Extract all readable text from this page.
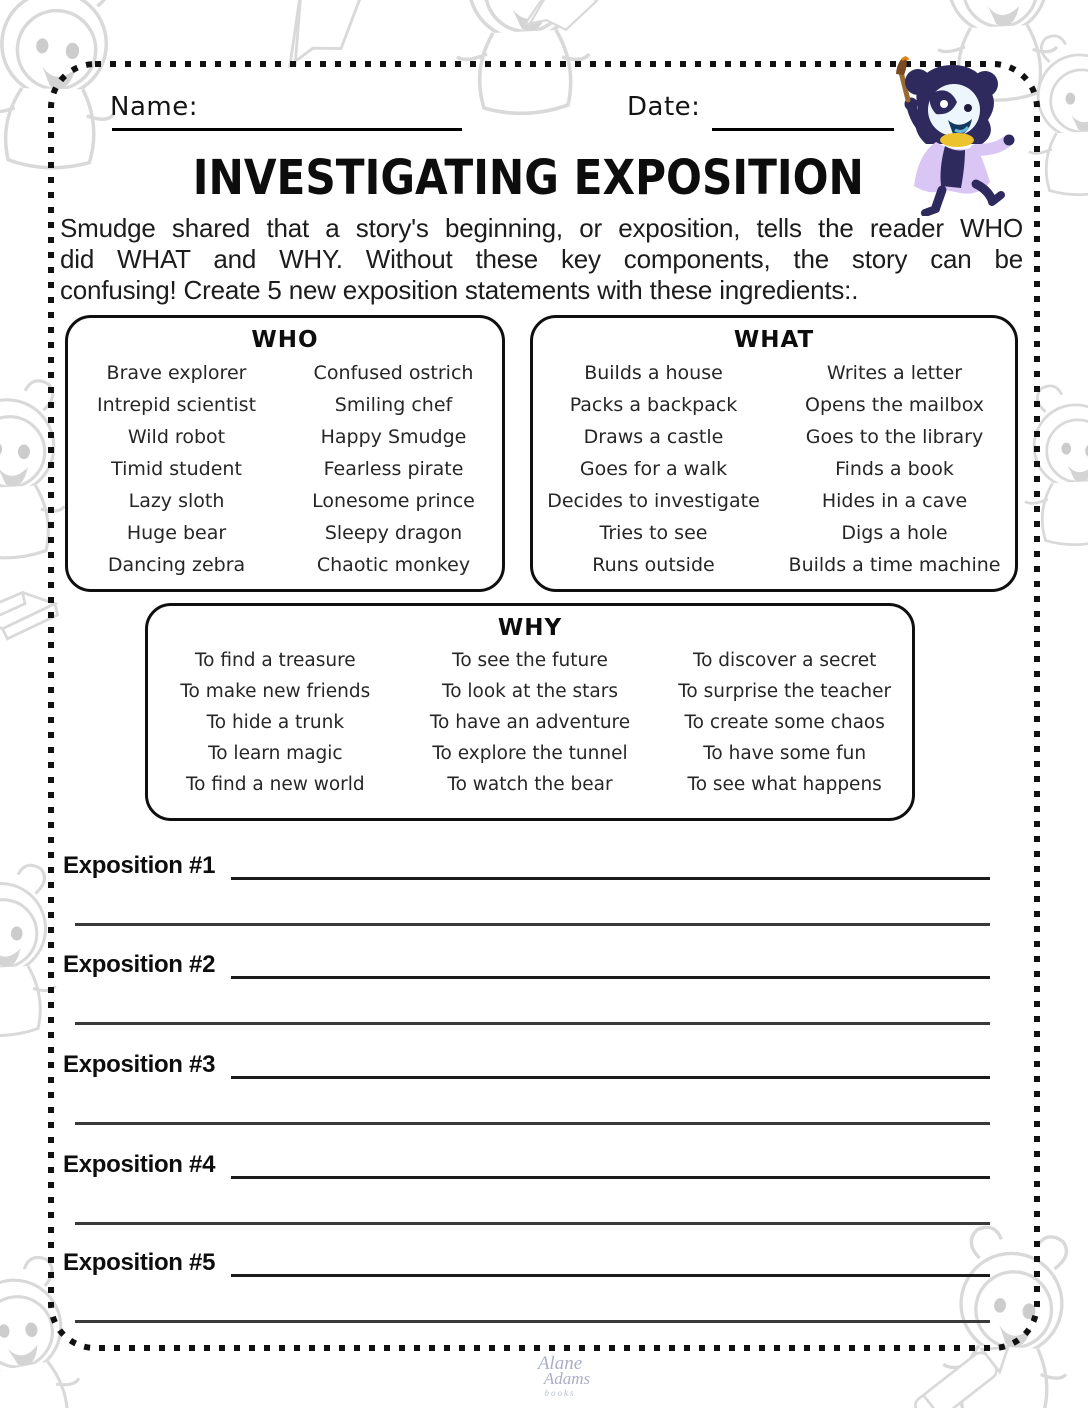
Name:	Date:
INVESTIGATING EXPOSITION
Smudge shared that a story's beginning, or exposition, tells the reader WHO
did WHAT and WHY. Without these key components, the story can be
confusing! Create 5 new exposition statements with these ingredients:.
WHO
Brave explorer
Intrepid scientist
Wild robot
Timid student
Lazy sloth
Huge bear
Dancing zebra
Confused ostrich
Smiling chef
Happy Smudge
Fearless pirate
Lonesome prince
Sleepy dragon
Chaotic monkey
WHAT
Builds a house
Packs a backpack
Draws a castle
Goes for a walk
Decides to investigate
Tries to see
Runs outside
Writes a letter
Opens the mailbox
Goes to the library
Finds a book
Hides in a cave
Digs a hole
Builds a time machine
WHY
To find a treasure
To make new friends
To hide a trunk
To learn magic
To find a new world
To see the future
To look at the stars
To have an adventure
To explore the tunnel
To watch the bear
To discover a secret
To surprise the teacher
To create some chaos
To have some fun
To see what happens
Exposition #1
Exposition #2
Exposition #3
Exposition #4
Exposition #5
Alane
Adams
books
